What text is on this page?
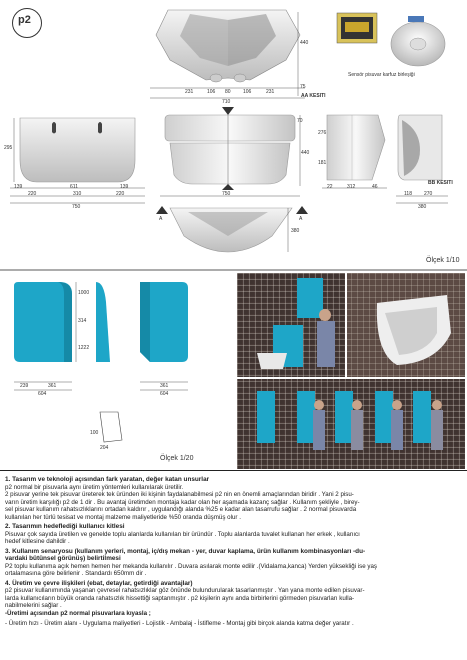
p2
231	106 80 106	231
710
440
75
AA KESITI
Sensör pisuvar karfuz birleşiği
139	611	139
220	310	220
750
295
70
440
750
276
181
22	312	46
BB KESITI
118 270
380
380
A	A
Ölçek 1/10
1000
314
1222
239	361
604
361
604
204
100
Ölçek 1/20
1. Tasarım ve teknoloji açısından fark yaratan, değer katan unsurlar

p2 normal bir pisuvarla aynı üretim yöntemleri kullanılarak üretilir.

2 pisuvar yerine tek pisuvar üreterek tek üründen iki kişinin faydalanabilmesi p2 nin en önemli amaçlarından biridir . Yani 2 pisu-

varın üretim karşılığı p2 de 1 dir . Bu avantaj üretimden montaja kadar olan her aşamada kazanç sağlar . Kullanım şekliyle , birey-

sel pisuvar kullanım rahatsızlıklarını ortadan kaldırır , uygulandığı alanda %25 e kadar alan tasarrufu sağlar . 2 normal pisuvarda

kullanılan her türlü tesisat ve montaj malzeme maliyetleride %50 oranda düşmüş olur .

2. Tasarımın hedeflediği kullanıcı kitlesi

Pisuvar çok sayıda üretilen ve genelde toplu alanlarda kullanılan bir üründür . Toplu alanlarda tuvalet kullanan her erkek , kullanıcı

hedef kitlesine dahildir .

3. Kullanım senaryosu (kullanım yerleri, montaj, iç/dış mekan - yer, duvar kaplama, ürün kullanım kombinasyonları -du-
vardaki bütünsel görünüş) belirtilmesi

P2 toplu kullanıma açık hemen hemen her mekanda kullanılır . Duvara asılarak monte edilir .(Vidalama,kanca) Yerden yüksekliği ise yaş

ortalamasına göre belirlenir . Standardı 650mm dir .

4. Üretim ve çevre ilişkileri (ebat, detaylar, getirdiği avantajlar)

p2 pisuvar kullanımında yaşanan çevresel rahatsızlıklar göz önünde bulundurularak tasarlanmıştır . Yan yana monte edilen pisuvar-

larda kullanıcıların büyük oranda rahatsızlık hissettiği saptanmıştır . p2 kişilerin aynı anda birbirlerini görmeden pisuvarları kulla-

nabilmelerini sağlar .

-Üretimi açısından p2 normal pisuvarlara kıyasla ;

- Üretim hızı - Üretim alanı - Uygulama maliyetleri - Lojistik - Ambalaj - İstifleme - Montaj gibi birçok alanda katma değer yaratır .
